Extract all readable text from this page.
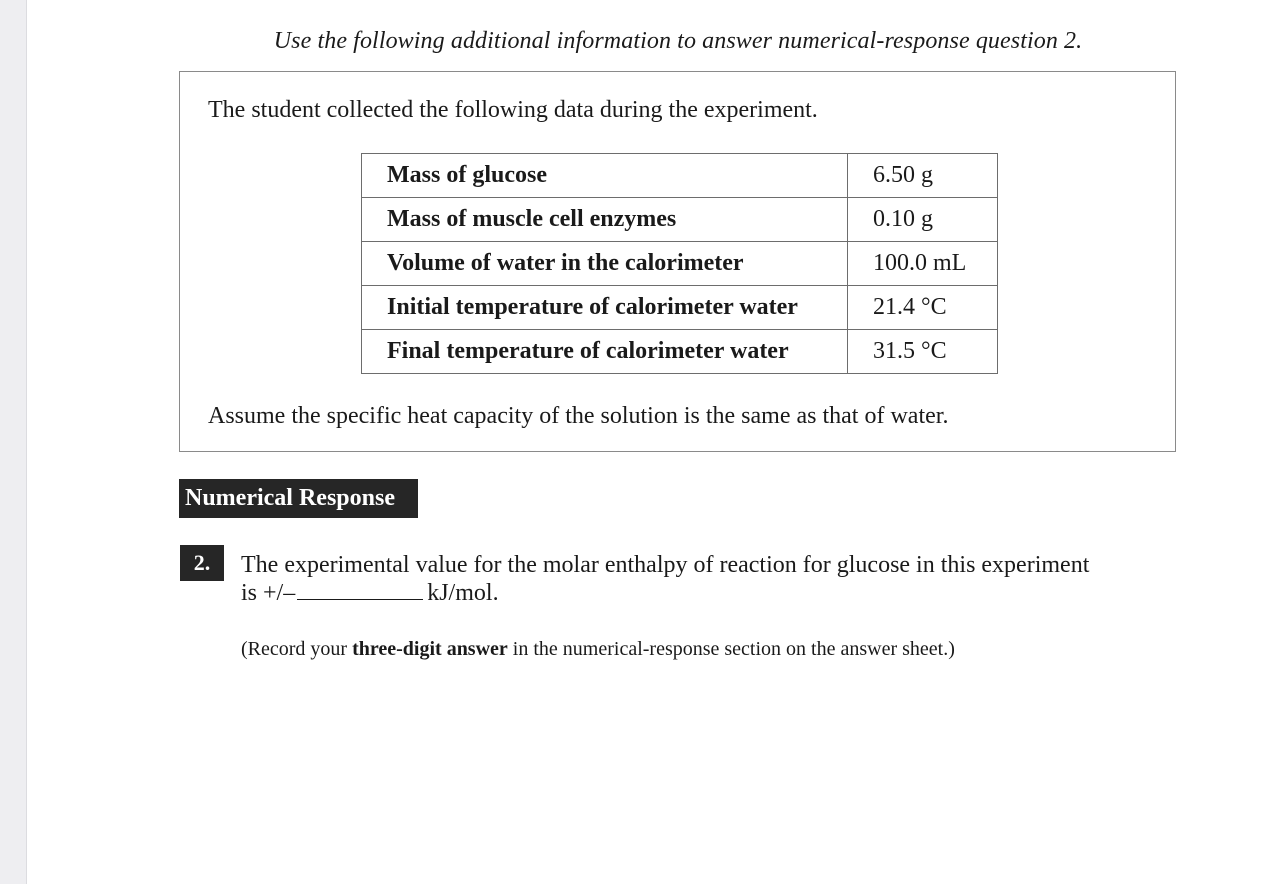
Use the following additional information to answer numerical-response question 2.
The student collected the following data during the experiment.
Mass of glucose	6.50 g
Mass of muscle cell enzymes	0.10 g
Volume of water in the calorimeter	100.0 mL
Initial temperature of calorimeter water	21.4 °C
Final temperature of calorimeter water	31.5 °C
Assume the specific heat capacity of the solution is the same as that of water.
Numerical Response
2.	The experimental value for the molar enthalpy of reaction for glucose in this experiment
is +/–	kJ/mol.
(Record your three-digit answer in the numerical-response section on the answer sheet.)
